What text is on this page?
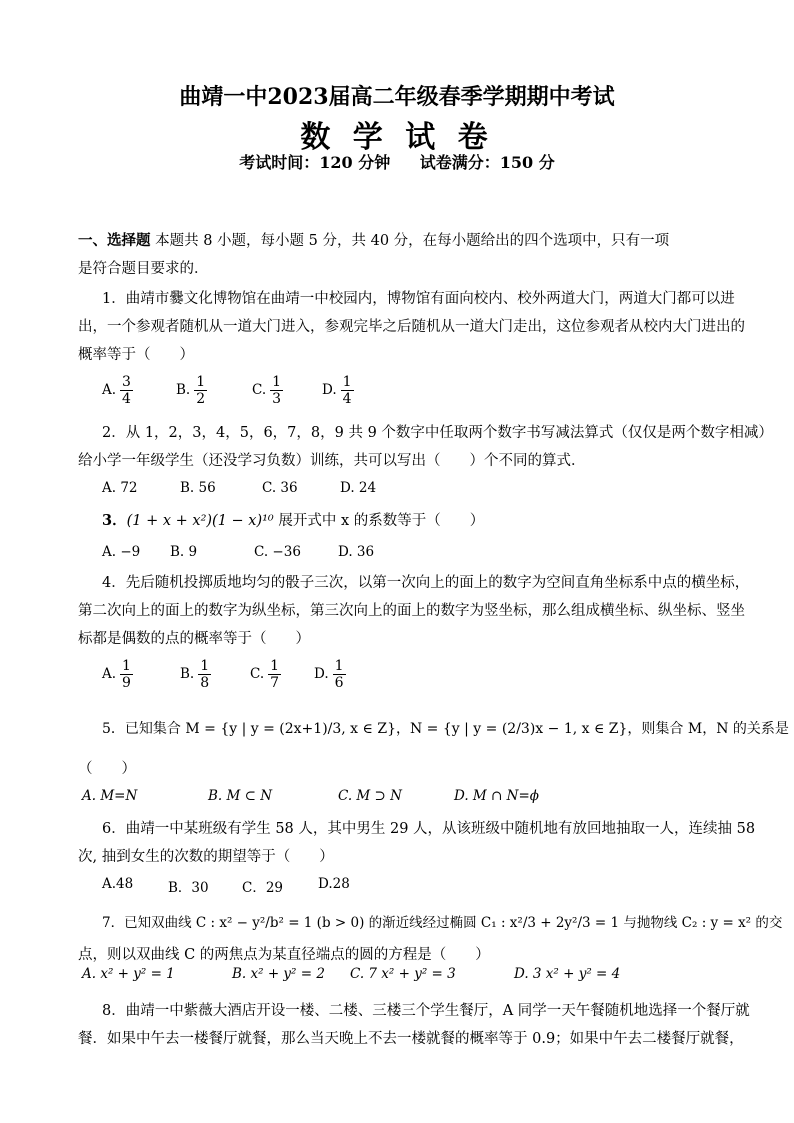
曲靖一中2023届高二年级春季学期期中考试
数 学 试 卷
考试时间：120 分钟 试卷满分：150 分
一、选择题 本题共 8 小题，每小题 5 分，共 40 分，在每小题给出的四个选项中，只有一项
是符合题目要求的．
1．曲靖市爨文化博物馆在曲靖一中校园内，博物馆有面向校内、校外两道大门，两道大门都可以进
出，一个参观者随机从一道大门进入，参观完毕之后随机从一道大门走出，这位参观者从校内大门进出的
概率等于（　　）
A. $\frac{3}{4}$	B. $\frac{1}{2}$	C. $\frac{1}{3}$	D. $\frac{1}{4}$
2．从 1，2，3，4，5，6，7，8，9 共 9 个数字中任取两个数字书写减法算式（仅仅是两个数字相减）
给小学一年级学生（还没学习负数）训练，共可以写出（　　）个不同的算式．
A. 72	B. 56	C. 36	D. 24
3．(1 + x + x²)(1 − x)¹⁰ 展开式中 x 的系数等于（　　）
A. −9 B. 9	C. −36	D. 36
4．先后随机投掷质地均匀的骰子三次，以第一次向上的面上的数字为空间直角坐标系中点的横坐标，
第二次向上的面上的数字为纵坐标，第三次向上的面上的数字为竖坐标，那么组成横坐标、纵坐标、竖坐
标都是偶数的点的概率等于（　　）
A. $\frac{1}{9}$	B. $\frac{1}{8}$	C. $\frac{1}{7} D$. $\frac{1}{6}$
5．已知集合 M = {y | y = (2x+1)/3, x ∈ Z}，N = {y | y = (2/3)x − 1, x ∈ Z}，则集合 M，N 的关系是
（　　）
A. M=N	B. M ⊂ N	C. M ⊃ N	D. M ∩ N=ϕ
6．曲靖一中某班级有学生 58 人，其中男生 29 人，从该班级中随机地有放回地抽取一人，连续抽 58
次, 抽到女生的次数的期望等于（　　）
A.48	B．30 C．29	D.28
7．已知双曲线 C : x² − y²/b² = 1 (b > 0) 的渐近线经过椭圆 C₁ : x²/3 + 2y²/3 = 1 与抛物线 C₂ : y = x² 的交
点，则以双曲线 C 的两焦点为某直径端点的圆的方程是（　　）
A. x² + y² = 1	B. x² + y² = 2 C. 7 x² + y² = 3	D. 3 x² + y² = 4
8．曲靖一中紫薇大酒店开设一楼、二楼、三楼三个学生餐厅，A 同学一天午餐随机地选择一个餐厅就
餐．如果中午去一楼餐厅就餐，那么当天晚上不去一楼就餐的概率等于 0.9；如果中午去二楼餐厅就餐，
